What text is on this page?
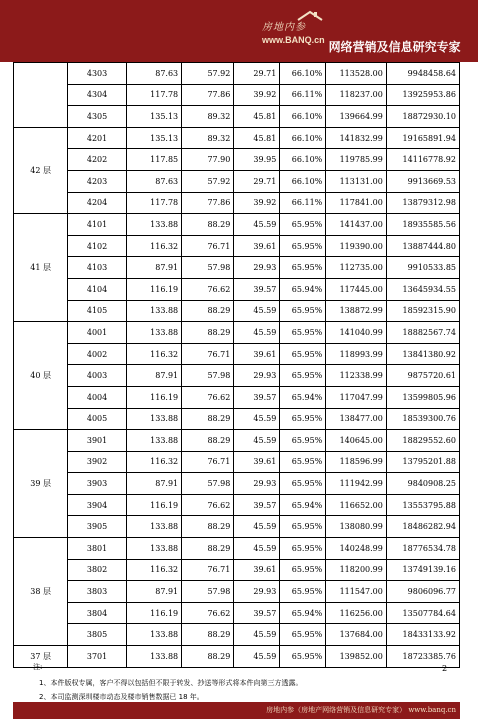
房地内参
www.BANQ.cn 网络营销及信息研究专家
	4303	87.63	57.92	29.71	66.10%	113528.00	9948458.64
	4304	117.78	77.86	39.92	66.11%	118237.00	13925953.86
	4305	135.13	89.32	45.81	66.10%	139664.99	18872930.10
42 层	4201	135.13	89.32	45.81	66.10%	141832.99	19165891.94
	4202	117.85	77.90	39.95	66.10%	119785.99	14116778.92
	4203	87.63	57.92	29.71	66.10%	113131.00	9913669.53
	4204	117.78	77.86	39.92	66.11%	117841.00	13879312.98
41 层	4101	133.88	88.29	45.59	65.95%	141437.00	18935585.56
	4102	116.32	76.71	39.61	65.95%	119390.00	13887444.80
	4103	87.91	57.98	29.93	65.95%	112735.00	9910533.85
	4104	116.19	76.62	39.57	65.94%	117445.00	13645934.55
	4105	133.88	88.29	45.59	65.95%	138872.99	18592315.90
40 层	4001	133.88	88.29	45.59	65.95%	141040.99	18882567.74
	4002	116.32	76.71	39.61	65.95%	118993.99	13841380.92
	4003	87.91	57.98	29.93	65.95%	112338.99	9875720.61
	4004	116.19	76.62	39.57	65.94%	117047.99	13599805.96
	4005	133.88	88.29	45.59	65.95%	138477.00	18539300.76
39 层	3901	133.88	88.29	45.59	65.95%	140645.00	18829552.60
	3902	116.32	76.71	39.61	65.95%	118596.99	13795201.88
	3903	87.91	57.98	29.93	65.95%	111942.99	9840908.25
	3904	116.19	76.62	39.57	65.94%	116652.00	13553795.88
	3905	133.88	88.29	45.59	65.95%	138080.99	18486282.94
38 层	3801	133.88	88.29	45.59	65.95%	140248.99	18776534.78
	3802	116.32	76.71	39.61	65.95%	118200.99	13749139.16
	3803	87.91	57.98	29.93	65.95%	111547.00	9806096.77
	3804	116.19	76.62	39.57	65.94%	116256.00	13507784.64
	3805	133.88	88.29	45.59	65.95%	137684.00	18433133.92
37 层	3701	133.88	88.29	45.59	65.95%	139852.00	18723385.76
注:
1、本件版权专属，客户不得以包括但不限于转发、抄送等形式将本件向第三方透露。
2、本司监测深圳楼市动态及楼市销售数据已 18 年。
2
房地内参（房地产网络营销及信息研究专家） www.banq.cn
